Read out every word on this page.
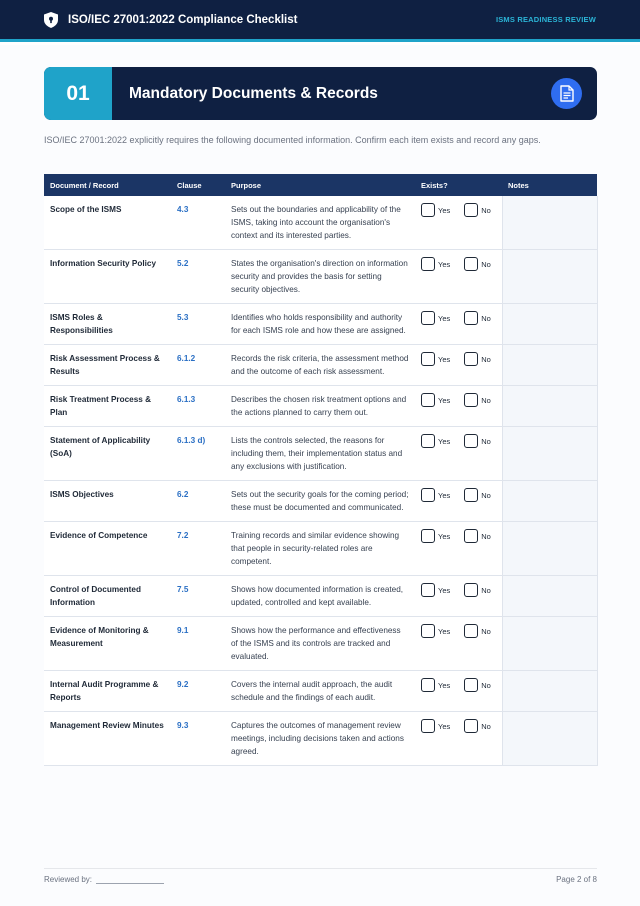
ISO/IEC 27001:2022 Compliance Checklist	ISMS READINESS REVIEW
01	Mandatory Documents & Records

ISO/IEC 27001:2022 explicitly requires the following documented information. Confirm each item exists and record any gaps.

Document / Record	Clause	Purpose	Exists?	Notes
Scope of the ISMS	4.3	Sets out the boundaries and applicability of the ISMS, taking into account the organisation's context and its interested parties.	Yes No	

Information Security Policy	5.2	States the organisation's direction on information security and provides the basis for setting security objectives.	Yes No	

ISMS Roles & Responsibilities	5.3	Identifies who holds responsibility and authority for each ISMS role and how these are assigned.	Yes No	

Risk Assessment Process & Results	6.1.2	Records the risk criteria, the assessment method and the outcome of each risk assessment.	Yes No	

Risk Treatment Process & Plan	6.1.3	Describes the chosen risk treatment options and the actions planned to carry them out.	Yes No	

Statement of Applicability (SoA)	6.1.3 d)	Lists the controls selected, the reasons for including them, their implementation status and any exclusions with justification.	Yes No	

ISMS Objectives	6.2	Sets out the security goals for the coming period; these must be documented and communicated.	Yes No	

Evidence of Competence	7.2	Training records and similar evidence showing that people in security-related roles are competent.	Yes No	

Control of Documented Information	7.5	Shows how documented information is created, updated, controlled and kept available.	Yes No	

Evidence of Monitoring & Measurement	9.1	Shows how the performance and effectiveness of the ISMS and its controls are tracked and evaluated.	Yes No	

Internal Audit Programme & Reports	9.2	Covers the internal audit approach, the audit schedule and the findings of each audit.	Yes No	

Management Review Minutes	9.3	Captures the outcomes of management review meetings, including decisions taken and actions agreed.	Yes No	

Reviewed by:	Page 2 of 8
